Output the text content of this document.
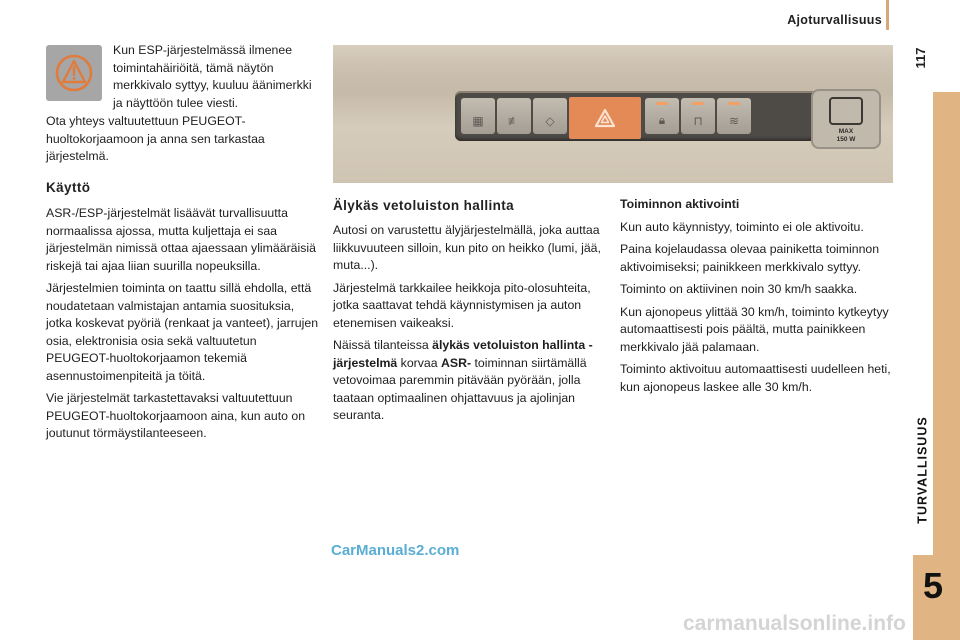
Ajoturvallisuus
117
TURVALLISUUS
5

Kun ESP-järjestelmässä ilmenee toimintahäiriöitä, tämä näytön merkkivalo syttyy, kuuluu äänimerkki ja näyttöön tulee viesti.

Ota yhteys valtuutettuun PEUGEOT-huoltokorjaamoon ja anna sen tarkastaa järjestelmä.

Käyttö

ASR-/ESP-järjestelmät lisäävät turvallisuutta normaalissa ajossa, mutta kuljettaja ei saa järjestelmän nimissä ottaa ajaessaan ylimääräisiä riskejä tai ajaa liian suurilla nopeuksilla.

Järjestelmien toiminta on taattu sillä ehdolla, että noudatetaan valmistajan antamia suosituksia, jotka koskevat pyöriä (renkaat ja vanteet), jarrujen osia, elektronisia osia sekä valtuutetun PEUGEOT-huoltokorjaamon tekemiä asennustoimenpiteitä ja töitä.

Vie järjestelmät tarkastettavaksi valtuutettuun PEUGEOT-huoltokorjaamoon aina, kun auto on joutunut törmäystilanteeseen.

▦ ≢ ◇	🔒︎ ⊓ ≋
MAX
150 W
Älykäs vetoluiston hallinta

Autosi on varustettu älyjärjestelmällä, joka auttaa liikkuvuuteen silloin, kun pito on heikko (lumi, jää, muta...).

Järjestelmä tarkkailee heikkoja pito-olosuhteita, jotka saattavat tehdä käynnistymisen ja auton etenemisen vaikeaksi.

Näissä tilanteissa älykäs vetoluiston hallinta -järjestelmä korvaa ASR- toiminnan siirtämällä vetovoimaa paremmin pitävään pyörään, jolla taataan optimaalinen ohjattavuus ja ajolinjan seuranta.

Toiminnon aktivointi

Kun auto käynnistyy, toiminto ei ole aktivoitu.

Paina kojelaudassa olevaa painiketta toiminnon aktivoimiseksi; painikkeen merkkivalo syttyy.

Toiminto on aktiivinen noin 30 km/h saakka.

Kun ajonopeus ylittää 30 km/h, toiminto kytkeytyy automaattisesti pois päältä, mutta painikkeen merkkivalo jää palamaan.

Toiminto aktivoituu automaattisesti uudelleen heti, kun ajonopeus laskee alle 30 km/h.

CarManuals2.com
carmanualsonline.info
